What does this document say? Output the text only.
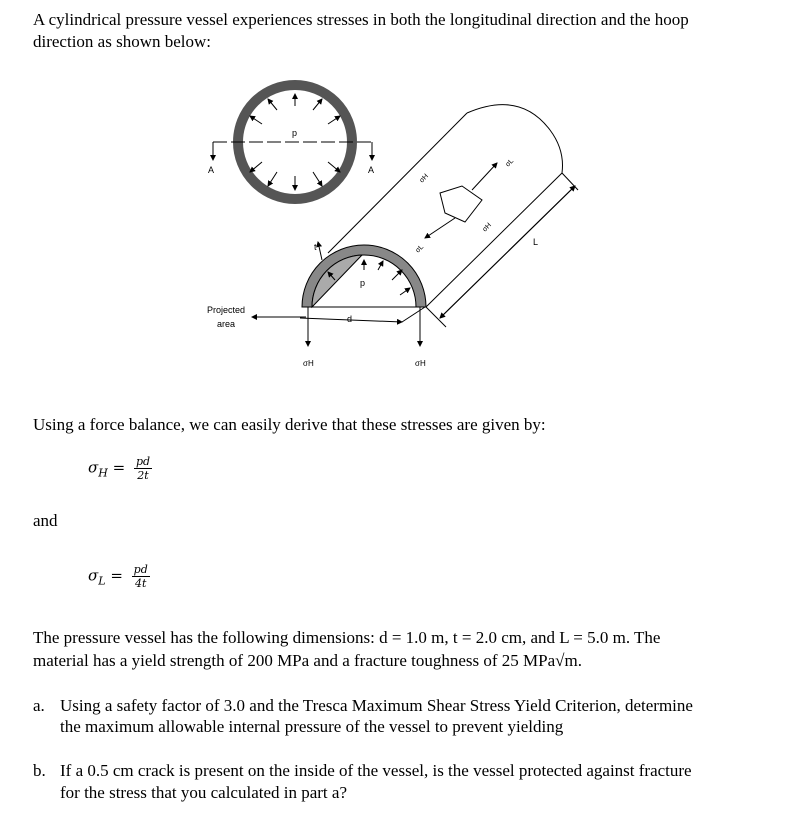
A cylindrical pressure vessel experiences stresses in both the longitudinal direction and the hoop
direction as shown below:
p
A	A
t
p
d
L
Projected
area
σH	σH
σH
σH
σL
σL
Using a force balance, we can easily derive that these stresses are given by:
$\sigma_H = \frac{pd}{2t}$
and
$\sigma_L = \frac{pd}{4t}$
The pressure vessel has the following dimensions: d = 1.0 m, t = 2.0 cm, and L = 5.0 m. The
material has a yield strength of 200 MPa and a fracture toughness of 25 MPa√m.
a. Using a safety factor of 3.0 and the Tresca Maximum Shear Stress Yield Criterion, determine
the maximum allowable internal pressure of the vessel to prevent yielding
b. If a 0.5 cm crack is present on the inside of the vessel, is the vessel protected against fracture
for the stress that you calculated in part a?
